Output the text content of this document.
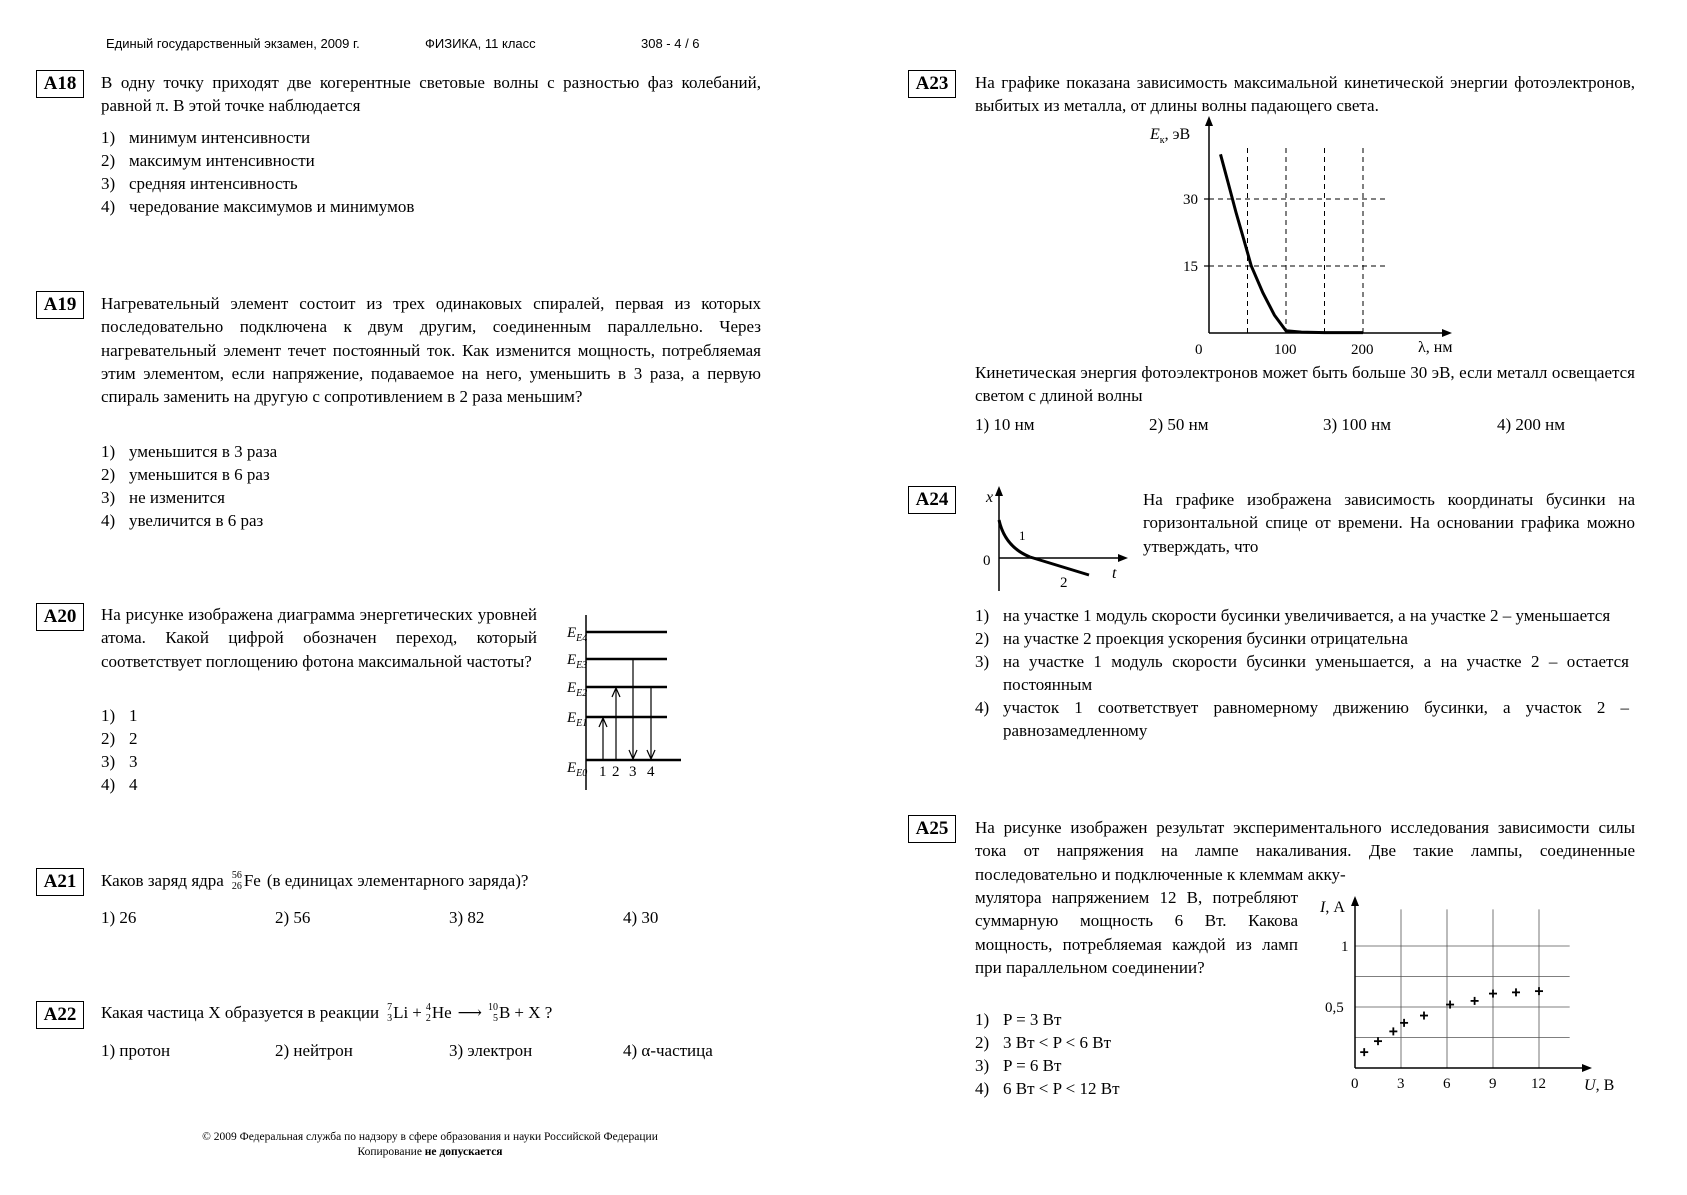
Единый государственный экзамен, 2009 г.	ФИЗИКА, 11 класс	308 - 4 / 6
A18	В одну точку приходят две когерентные световые волны с разностью фаз колебаний, равной π. В этой точке наблюдается
1) минимум интенсивности
2) максимум интенсивности
3) средняя интенсивность
4) чередование максимумов и минимумов
A19	Нагревательный элемент состоит из трех одинаковых спиралей, первая из которых последовательно подключена к двум другим, соединенным параллельно. Через нагревательный элемент течет постоянный ток. Как изменится мощность, потребляемая этим элементом, если напряжение, подаваемое на него, уменьшить в 3 раза, а первую спираль заменить на другую с сопротивлением в 2 раза меньшим?
1) уменьшится в 3 раза
2) уменьшится в 6 раз
3) не изменится
4) увеличится в 6 раз
A20	На рисунке изображена диаграмма энергетических уровней атома. Какой цифрой обозначен переход, который соответствует поглощению фотона максимальной частоты?
1) 1
2) 2
3) 3
4) 4
$E_{E4}$
$E_{E3}$
$E_{E2}$
$E_{E1}$
$E_{E0}$ 1 2 3 4
A21	Каков заряд ядра 56
26 Fe (в единицах элементарного заряда)?
1) 26	2) 56	3) 82	4) 30
A22	Какая частица X образуется в реакции 7
3 Li + 4
2 He ⟶ 10
5 B + X ?
1) протон	2) нейтрон	3) электрон	4) α-частица
© 2009 Федеральная служба по надзору в сфере образования и науки Российской Федерации
Копирование не допускается
A23	На графике показана зависимость максимальной кинетической энергии фотоэлектронов, выбитых из металла, от длины волны падающего света.
$E_к$, эВ
0	100	200
15
30
λ, нм
Кинетическая энергия фотоэлектронов может быть больше 30 эВ, если металл освещается светом с длиной волны
1) 10 нм	2) 50 нм	3) 100 нм	4) 200 нм
A24	x
0
1
2
t
На графике изображена зависимость координаты бусинки на горизонтальной спице от времени. На основании графика можно утверждать, что
1) на участке 1 модуль скорости бусинки увеличивается, а на участке 2 – уменьшается
2) на участке 2 проекция ускорения бусинки отрицательна
3) на участке 1 модуль скорости бусинки уменьшается, а на участке 2 – остается постоянным
4) участок 1 соответствует равномерному движению бусинки, а участок 2 – равнозамедленному
A25	На рисунке изображен результат экспериментального исследования зависимости силы тока от напряжения на лампе накаливания. Две такие лампы, соединенные последовательно и подключенные к клеммам акку-
мулятора напряжением 12 В, потребляют суммарную мощность 6 Вт. Какова мощность, потребляемая каждой из ламп при параллельном соединении?
1) P = 3 Вт
2) 3 Вт < P < 6 Вт
3) P = 6 Вт
4) 6 Вт < P < 12 Вт
I, А
U, В
0	3	6	9 12
0,5
1
